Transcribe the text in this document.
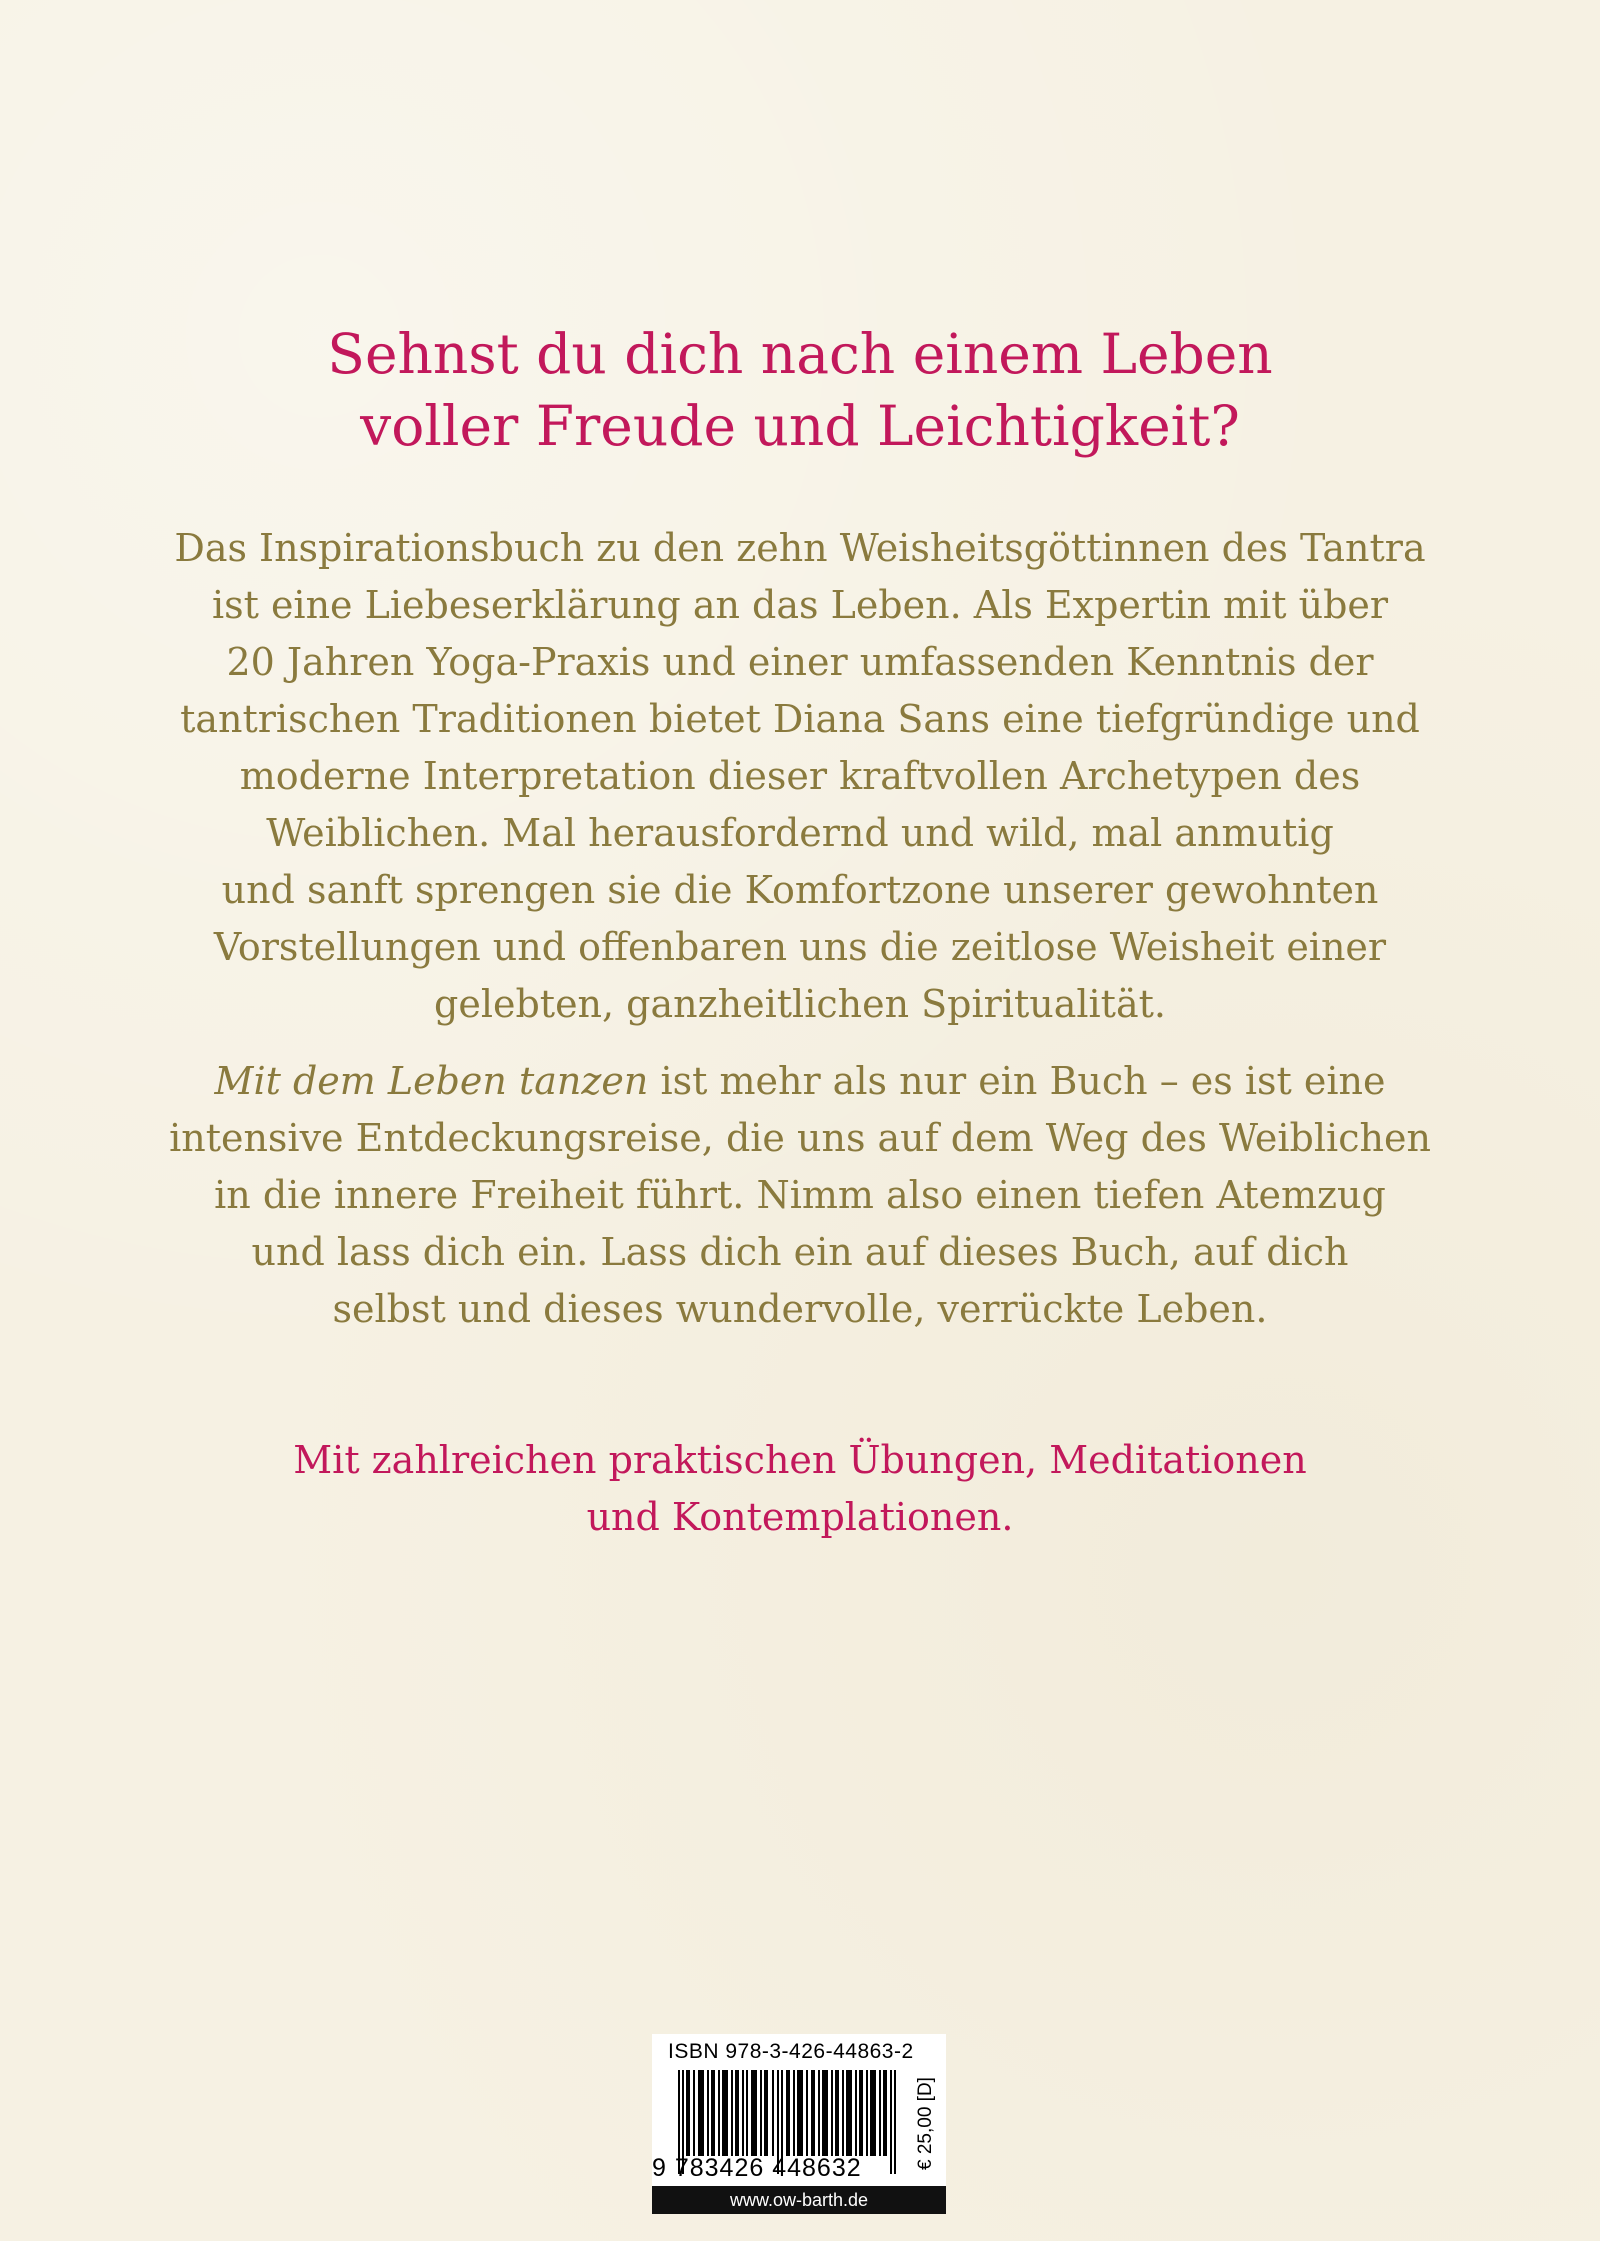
Sehnst du dich nach einem Leben
voller Freude und Leichtigkeit?
Das Inspirationsbuch zu den zehn Weisheitsgöttinnen des Tantra
ist eine Liebeserklärung an das Leben. Als Expertin mit über
20 Jahren Yoga-Praxis und einer umfassenden Kenntnis der
tantrischen Traditionen bietet Diana Sans eine tiefgründige und
moderne Interpretation dieser kraftvollen Archetypen des
Weiblichen. Mal herausfordernd und wild, mal anmutig
und sanft sprengen sie die Komfortzone unserer gewohnten
Vorstellungen und offenbaren uns die zeitlose Weisheit einer
gelebten, ganzheitlichen Spiritualität.
Mit dem Leben tanzen ist mehr als nur ein Buch – es ist eine
intensive Entdeckungsreise, die uns auf dem Weg des Weiblichen
in die innere Freiheit führt. Nimm also einen tiefen Atemzug
und lass dich ein. Lass dich ein auf dieses Buch, auf dich
selbst und dieses wundervolle, verrückte Leben.
Mit zahlreichen praktischen Übungen, Meditationen
und Kontemplationen.
ISBN 978-3-426-44863-2
9 783426 448632	€ 25,00 [D]
www.ow-barth.de
